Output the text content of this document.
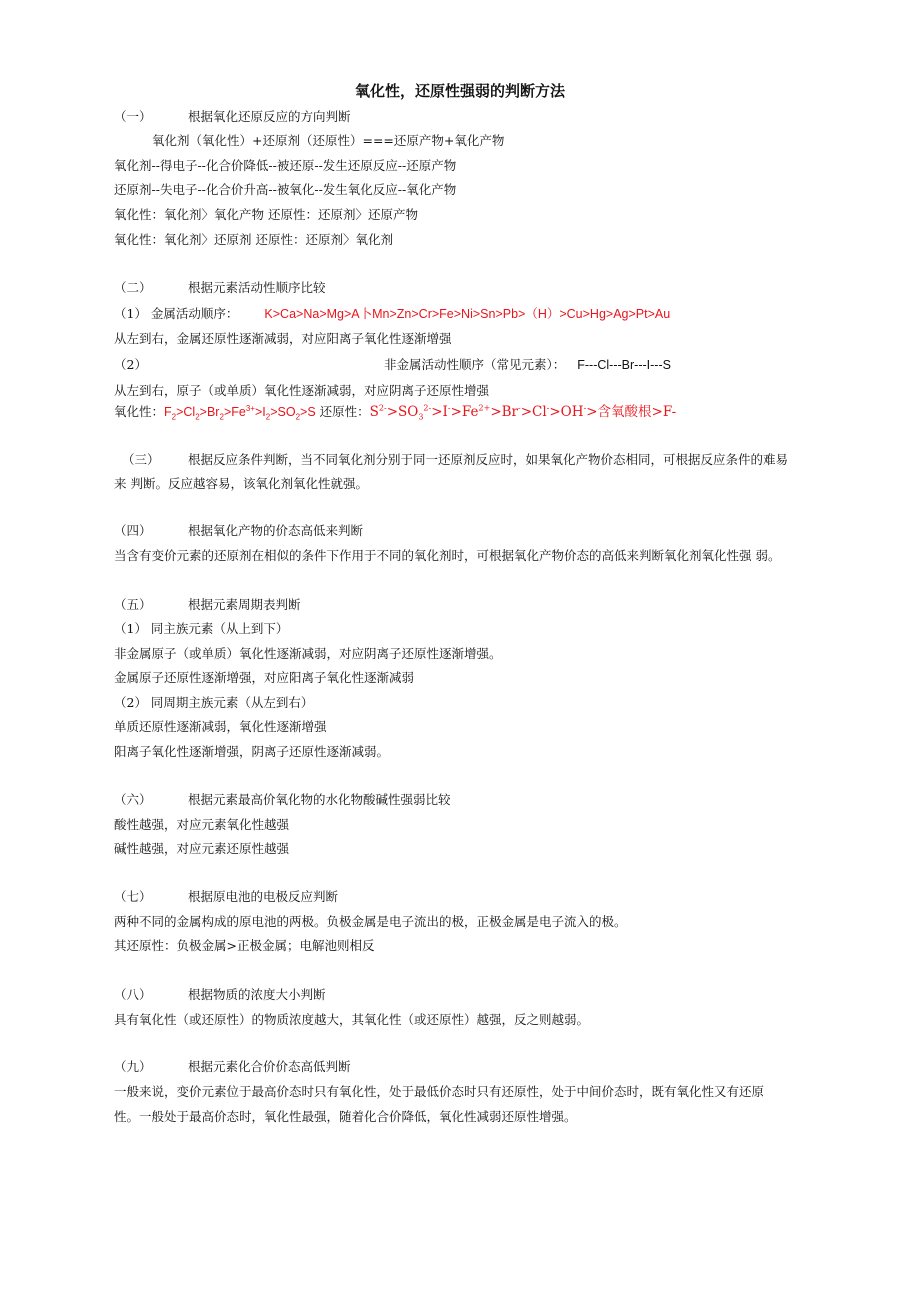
氧化性，还原性强弱的判断方法
（一）	根据氧化还原反应的方向判断
氧化剂（氧化性）+还原剂（还原性）===还原产物+氧化产物
氧化剂--得电子--化合价降低--被还原--发生还原反应--还原产物
还原剂--失电子--化合价升高--被氧化--发生氧化反应--氧化产物
氧化性：氧化剂〉氧化产物 还原性：还原剂〉还原产物
氧化性：氧化剂〉还原剂 还原性：还原剂〉氧化剂
（二）	根据元素活动性顺序比较
（1） 金属活动顺序： K>Ca>Na>Mg>A卜Mn>Zn>Cr>Fe>Ni>Sn>Pb>（H）>Cu>Hg>Ag>Pt>Au
从左到右，金属还原性逐渐减弱，对应阳离子氧化性逐渐增强
（2）	非金属活动性顺序（常见元素）： F---Cl---Br---I---S
从左到右，原子（或单质）氧化性逐渐减弱，对应阴离子还原性增强
氧化性：$F_2>Cl_2>Br_2>Fe^{3+}>I_2>SO_2>S$ 还原性：$S^{2-}>SO_3^{2-}>I^->Fe^{2+}>Br^->Cl^->OH^->$含氧酸根>F-
（三） 根据反应条件判断，当不同氧化剂分别于同一还原剂反应时，如果氧化产物价态相同，可根据反应条件的难易
来 判断。反应越容易，该氧化剂氧化性就强。
（四）	根据氧化产物的价态高低来判断
当含有变价元素的还原剂在相似的条件下作用于不同的氧化剂时，可根据氧化产物价态的高低来判断氧化剂氧化性强 弱。
（五）	根据元素周期表判断
（1） 同主族元素（从上到下）
非金属原子（或单质）氧化性逐渐减弱，对应阴离子还原性逐渐增强。
金属原子还原性逐渐增强，对应阳离子氧化性逐渐减弱
（2） 同周期主族元素（从左到右）
单质还原性逐渐减弱，氧化性逐渐增强
阳离子氧化性逐渐增强，阴离子还原性逐渐减弱。
（六）	根据元素最高价氧化物的水化物酸碱性强弱比较
酸性越强，对应元素氧化性越强
碱性越强，对应元素还原性越强
（七）	根据原电池的电极反应判断
两种不同的金属构成的原电池的两极。负极金属是电子流出的极，正极金属是电子流入的极。
其还原性：负极金属>正极金属；电解池则相反
（八）	根据物质的浓度大小判断
具有氧化性（或还原性）的物质浓度越大，其氧化性（或还原性）越强，反之则越弱。
（九）	根据元素化合价价态高低判断
一般来说，变价元素位于最高价态时只有氧化性，处于最低价态时只有还原性，处于中间价态时，既有氧化性又有还原
性。一般处于最高价态时，氧化性最强，随着化合价降低，氧化性减弱还原性增强。
